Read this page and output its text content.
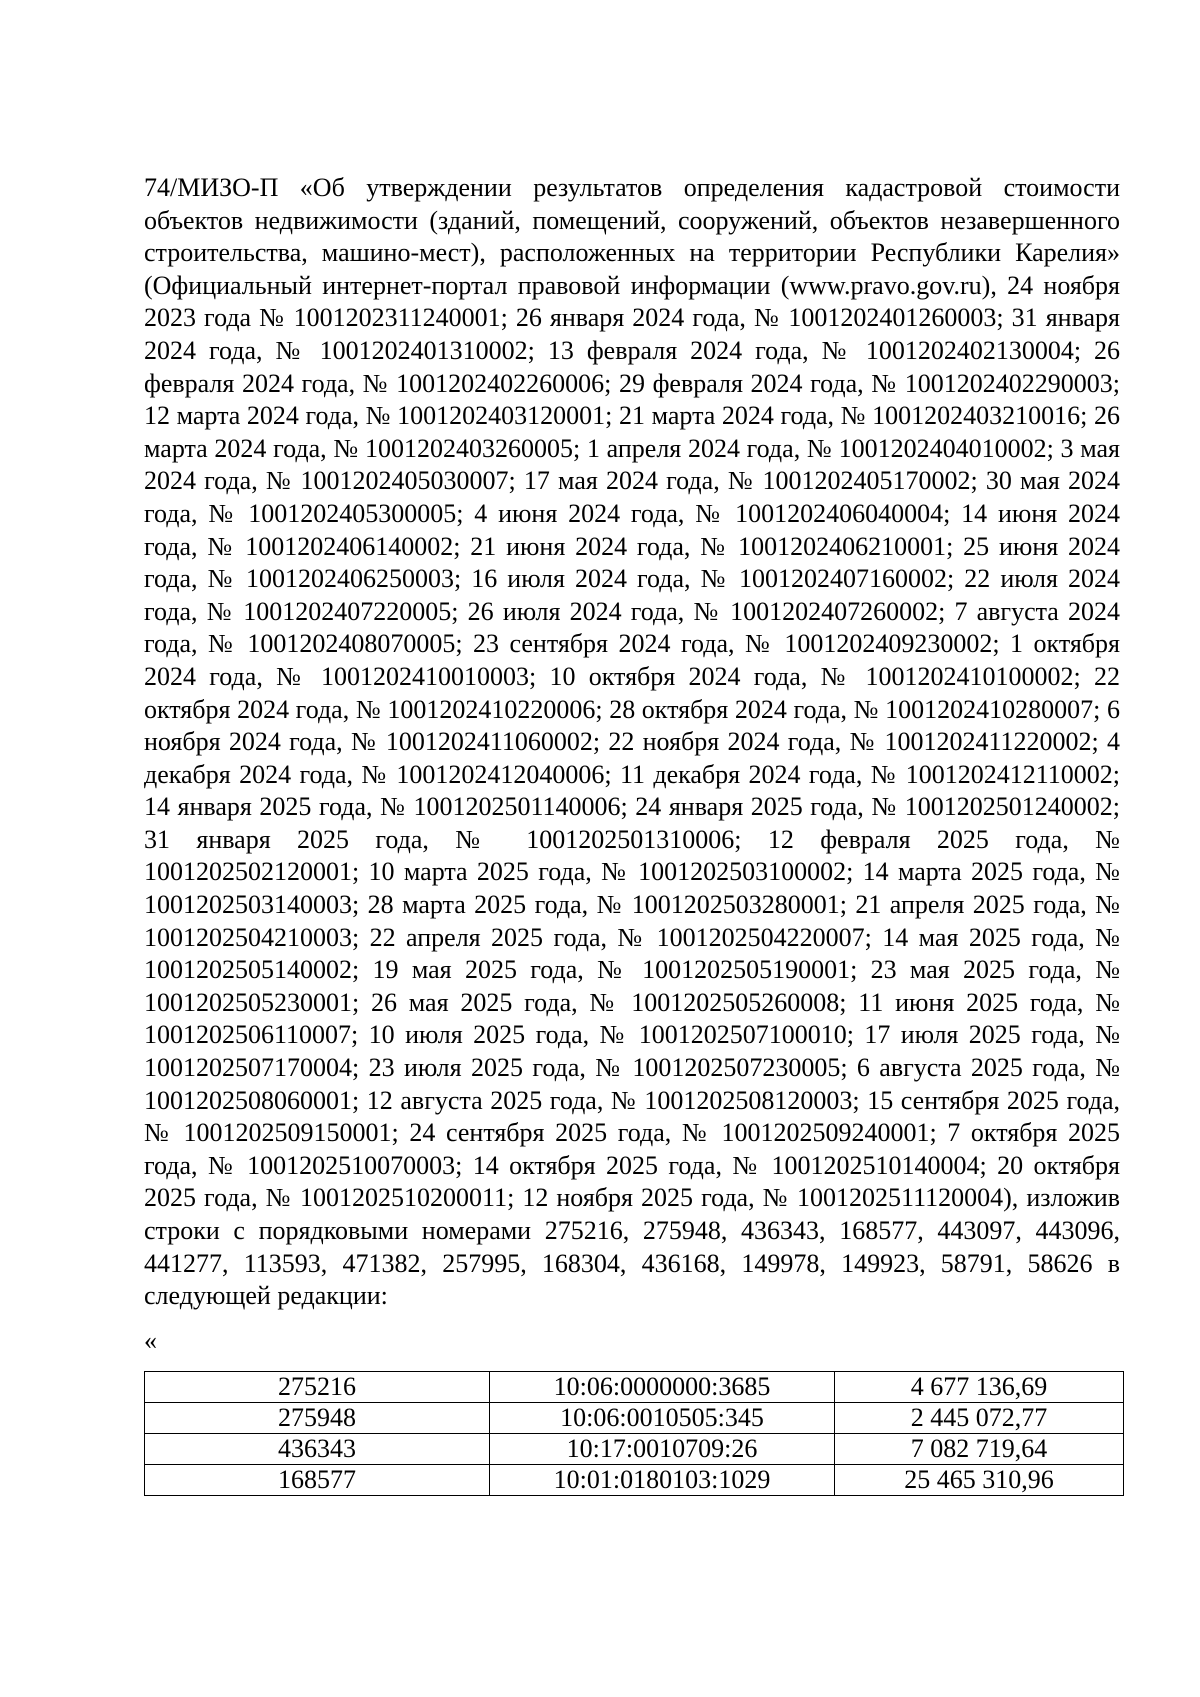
74/МИЗО-П «Об утверждении результатов определения кадастровой стоимости объектов недвижимости (зданий, помещений, сооружений, объектов незавершенного строительства, машино-мест), расположенных на территории Республики Карелия» (Официальный интернет-портал правовой информации (www.pravo.gov.ru), 24 ноября 2023 года № 1001202311240001; 26 января 2024 года, № 1001202401260003; 31 января 2024 года, № 1001202401310002; 13 февраля 2024 года, № 1001202402130004; 26 февраля 2024 года, № 1001202402260006; 29 февраля 2024 года, № 1001202402290003; 12 марта 2024 года, № 1001202403120001; 21 марта 2024 года, № 1001202403210016; 26 марта 2024 года, № 1001202403260005; 1 апреля 2024 года, № 1001202404010002; 3 мая 2024 года, № 1001202405030007; 17 мая 2024 года, № 1001202405170002; 30 мая 2024 года, № 1001202405300005; 4 июня 2024 года, № 1001202406040004; 14 июня 2024 года, № 1001202406140002; 21 июня 2024 года, № 1001202406210001; 25 июня 2024 года, № 1001202406250003; 16 июля 2024 года, № 1001202407160002; 22 июля 2024 года, № 1001202407220005; 26 июля 2024 года, № 1001202407260002; 7 августа 2024 года, № 1001202408070005; 23 сентября 2024 года, № 1001202409230002; 1 октября 2024 года, № 1001202410010003; 10 октября 2024 года, № 1001202410100002; 22 октября 2024 года, № 1001202410220006; 28 октября 2024 года, № 1001202410280007; 6 ноября 2024 года, № 1001202411060002; 22 ноября 2024 года, № 1001202411220002; 4 декабря 2024 года, № 1001202412040006; 11 декабря 2024 года, № 1001202412110002; 14 января 2025 года, № 1001202501140006; 24 января 2025 года, № 1001202501240002; 31 января 2025 года, № 1001202501310006; 12 февраля 2025 года, № 1001202502120001; 10 марта 2025 года, № 1001202503100002; 14 марта 2025 года, № 1001202503140003; 28 марта 2025 года, № 1001202503280001; 21 апреля 2025 года, № 1001202504210003; 22 апреля 2025 года, № 1001202504220007; 14 мая 2025 года, № 1001202505140002; 19 мая 2025 года, № 1001202505190001; 23 мая 2025 года, № 1001202505230001; 26 мая 2025 года, № 1001202505260008; 11 июня 2025 года, № 1001202506110007; 10 июля 2025 года, № 1001202507100010; 17 июля 2025 года, № 1001202507170004; 23 июля 2025 года, № 1001202507230005; 6 августа 2025 года, № 1001202508060001; 12 августа 2025 года, № 1001202508120003; 15 сентября 2025 года, № 1001202509150001; 24 сентября 2025 года, № 1001202509240001; 7 октября 2025 года, № 1001202510070003; 14 октября 2025 года, № 1001202510140004; 20 октября 2025 года, № 1001202510200011; 12 ноября 2025 года, № 1001202511120004), изложив строки с порядковыми номерами 275216, 275948, 436343, 168577, 443097, 443096, 441277, 113593, 471382, 257995, 168304, 436168, 149978, 149923, 58791, 58626 в следующей редакции:

«
275216	10:06:0000000:3685	4 677 136,69
275948	10:06:0010505:345	2 445 072,77
436343	10:17:0010709:26	7 082 719,64
168577	10:01:0180103:1029	25 465 310,96
